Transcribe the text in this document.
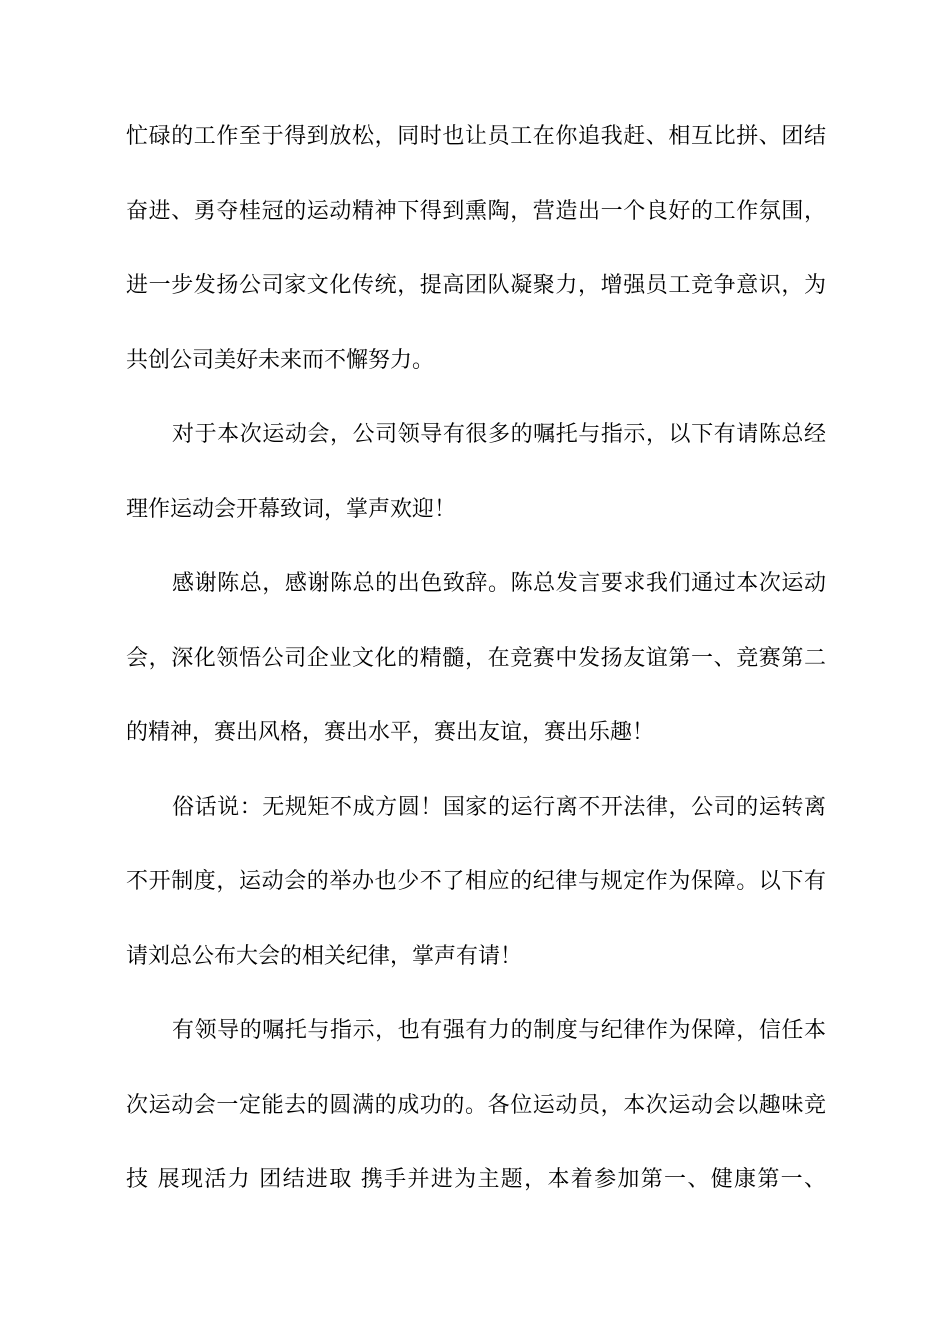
忙碌的工作至于得到放松，同时也让员工在你追我赶、相互比拼、团结
奋进、勇夺桂冠的运动精神下得到熏陶，营造出一个良好的工作氛围，
进一步发扬公司家文化传统，提高团队凝聚力，增强员工竞争意识，为
共创公司美好未来而不懈努力。
对于本次运动会，公司领导有很多的嘱托与指示，以下有请陈总经
理作运动会开幕致词，掌声欢迎！
感谢陈总，感谢陈总的出色致辞。陈总发言要求我们通过本次运动
会，深化领悟公司企业文化的精髓，在竞赛中发扬友谊第一、竞赛第二
的精神，赛出风格，赛出水平，赛出友谊，赛出乐趣！
俗话说：无规矩不成方圆！国家的运行离不开法律，公司的运转离
不开制度，运动会的举办也少不了相应的纪律与规定作为保障。以下有
请刘总公布大会的相关纪律，掌声有请！
有领导的嘱托与指示，也有强有力的制度与纪律作为保障，信任本
次运动会一定能去的圆满的成功的。各位运动员，本次运动会以趣味竞
技 展现活力 团结进取 携手并进为主题，本着参加第一、健康第一、
